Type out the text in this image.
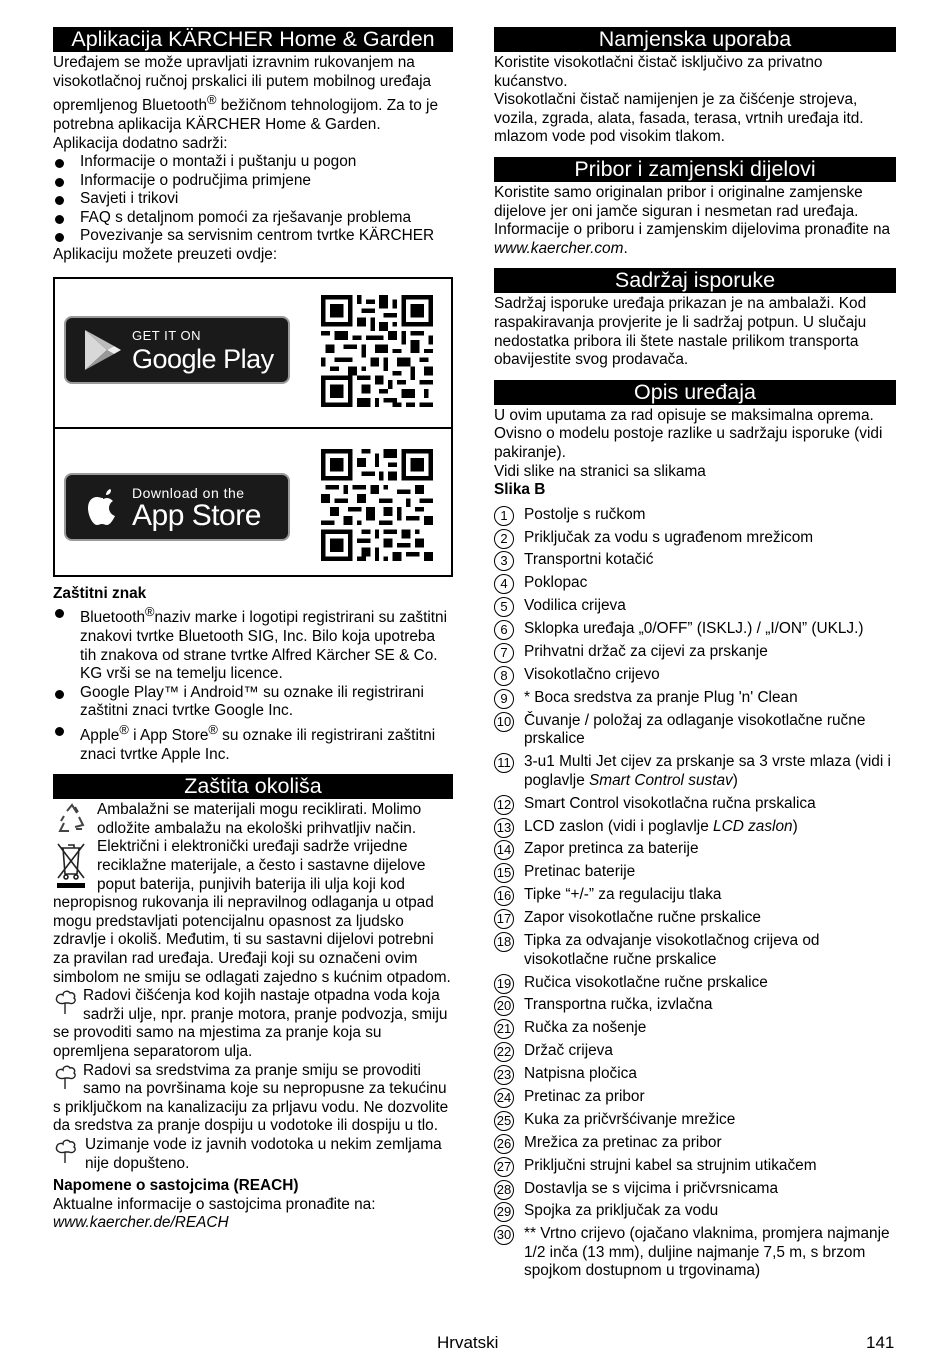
Aplikacija KÄRCHER Home & Garden

Uređajem se može upravljati izravnim rukovanjem na visokotlačnoj ručnoj prskalici ili putem mobilnog uređaja opremljenog Bluetooth® bežičnom tehnologijom. Za to je potrebna aplikacija KÄRCHER Home & Garden.

Aplikacija dodatno sadrži:

Informacije o montaži i puštanju u pogon
Informacije o područjima primjene
Savjeti i trikovi
FAQ s detaljnom pomoći za rješavanje problema
Povezivanje sa servisnim centrom tvrtke KÄRCHER

Aplikaciju možete preuzeti ovdje:

GET IT ON
Google Play
Download on the
App Store

Zaštitni znak

Bluetooth®naziv marke i logotipi registrirani su zaštitni znakovi tvrtke Bluetooth SIG, Inc. Bilo koja upotreba tih znakova od strane tvrtke Alfred Kärcher SE & Co. KG vrši se na temelju licence.
Google Play™ i Android™ su oznake ili registrirani zaštitni znaci tvrtke Google Inc.
Apple® i App Store® su oznake ili registrirani zaštitni znaci tvrtke Apple Inc.
Zaštita okoliša
Ambalažni se materijali mogu reciklirati. Molimo odložite ambalažu na ekološki prihvatljiv način.
Električni i elektronički uređaji sadrže vrijedne reciklažne materijale, a često i sastavne dijelove poput baterija, punjivih baterija ili ulja koji kod nepropisnog rukovanja ili nepravilnog odlaganja u otpad mogu predstavljati potencijalnu opasnost za ljudsko zdravlje i okoliš. Međutim, ti su sastavni dijelovi potrebni za pravilan rad uređaja. Uređaji koji su označeni ovim simbolom ne smiju se odlagati zajedno s kućnim otpadom.
Radovi čišćenja kod kojih nastaje otpadna voda koja sadrži ulje, npr. pranje motora, pranje podvozja, smiju se provoditi samo na mjestima za pranje koja su opremljena separatorom ulja.
Radovi sa sredstvima za pranje smiju se provoditi samo na površinama koje su nepropusne za tekućinu s priključkom na kanalizaciju za prljavu vodu. Ne dozvolite da sredstva za pranje dospiju u vodotoke ili dospiju u tlo.
Uzimanje vode iz javnih vodotoka u nekim zemljama nije dopušteno.

Napomene o sastojcima (REACH)

Aktualne informacije o sastojcima pronađite na:

www.kaercher.de/REACH

Namjenska uporaba

Koristite visokotlačni čistač isključivo za privatno kućanstvo.

Visokotlačni čistač namijenjen je za čišćenje strojeva, vozila, zgrada, alata, fasada, terasa, vrtnih uređaja itd. mlazom vode pod visokim tlakom.

Pribor i zamjenski dijelovi

Koristite samo originalan pribor i originalne zamjenske dijelove jer oni jamče siguran i nesmetan rad uređaja.

Informacije o priboru i zamjenskim dijelovima pronađite na www.kaercher.com.

Sadržaj isporuke

Sadržaj isporuke uređaja prikazan je na ambalaži. Kod raspakiravanja provjerite je li sadržaj potpun. U slučaju nedostatka pribora ili štete nastale prilikom transporta obavijestite svog prodavača.

Opis uređaja

U ovim uputama za rad opisuje se maksimalna oprema. Ovisno o modelu postoje razlike u sadržaju isporuke (vidi pakiranje).

Vidi slike na stranici sa slikama

Slika B

1	Postolje s ručkom
2	Priključak za vodu s ugrađenom mrežicom
3	Transportni kotačić
4	Poklopac
5	Vodilica crijeva
6	Sklopka uređaja „0/OFF” (ISKLJ.) / „I/ON” (UKLJ.)
7	Prihvatni držač za cijevi za prskanje
8	Visokotlačno crijevo
9	* Boca sredstva za pranje Plug 'n' Clean
10 Čuvanje / položaj za odlaganje visokotlačne ručne prskalice
11 3-u1 Multi Jet cijev za prskanje sa 3 vrste mlaza (vidi i poglavlje Smart Control sustav)
12 Smart Control visokotlačna ručna prskalica
13 LCD zaslon (vidi i poglavlje LCD zaslon)
14 Zapor pretinca za baterije
15 Pretinac baterije
16 Tipke “+/-” za regulaciju tlaka
17 Zapor visokotlačne ručne prskalice
18 Tipka za odvajanje visokotlačnog crijeva od visokotlačne ručne prskalice
19 Ručica visokotlačne ručne prskalice
20 Transportna ručka, izvlačna
21 Ručka za nošenje
22 Držač crijeva
23 Natpisna pločica
24 Pretinac za pribor
25 Kuka za pričvršćivanje mrežice
26 Mrežica za pretinac za pribor
27 Priključni strujni kabel sa strujnim utikačem
28 Dostavlja se s vijcima i pričvrsnicama
29 Spojka za priključak za vodu
30 ** Vrtno crijevo (ojačano vlaknima, promjera najmanje 1/2 inča (13 mm), duljine najmanje 7,5 m, s brzom spojkom dostupnom u trgovinama)
Hrvatski	141
